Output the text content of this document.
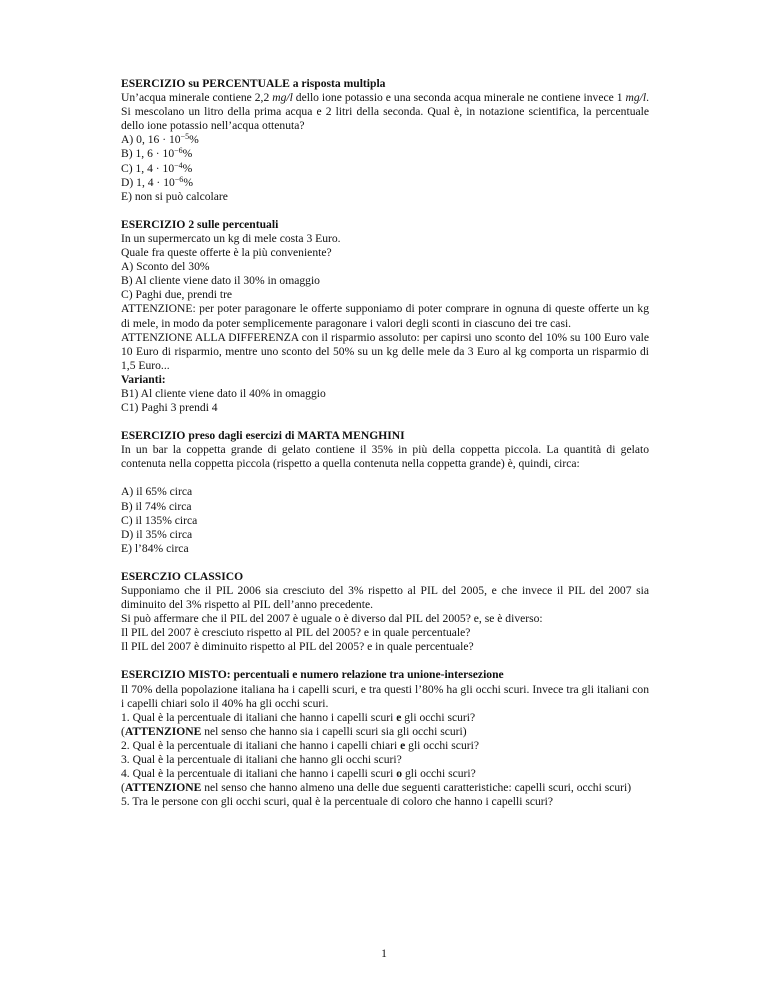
ESERCIZIO su PERCENTUALE a risposta multipla
Un’acqua minerale contiene 2,2 mg/l dello ione potassio e una seconda acqua minerale ne contiene invece 1 mg/l. Si mescolano un litro della prima acqua e 2 litri della seconda. Qual è, in notazione scientifica, la percentuale dello ione potassio nell’acqua ottenuta?
A) 0, $16 \cdot 10^{-5}\%$
B) 1, $6 \cdot 10^{-6}\%$
C) 1, $4 \cdot 10^{-4}\%$
D) 1, $4 \cdot 10^{-6}\%$
E) non si può calcolare
ESERCIZIO 2 sulle percentuali
In un supermercato un kg di mele costa 3 Euro.
Quale fra queste offerte è la più conveniente?
A) Sconto del 30%
B) Al cliente viene dato il 30% in omaggio
C) Paghi due, prendi tre
ATTENZIONE: per poter paragonare le offerte supponiamo di poter comprare in ognuna di queste offerte un kg di mele, in modo da poter semplicemente paragonare i valori degli sconti in ciascuno dei tre casi.
ATTENZIONE ALLA DIFFERENZA con il risparmio assoluto: per capirsi uno sconto del 10% su 100 Euro vale 10 Euro di risparmio, mentre uno sconto del 50% su un kg delle mele da 3 Euro al kg comporta un risparmio di 1,5 Euro...
Varianti:
B1) Al cliente viene dato il 40% in omaggio
C1) Paghi 3 prendi 4
ESERCIZIO preso dagli esercizi di MARTA MENGHINI
In un bar la coppetta grande di gelato contiene il 35% in più della coppetta piccola. La quantità di gelato contenuta nella coppetta piccola (rispetto a quella contenuta nella coppetta grande) è, quindi, circa:
A) il 65% circa
B) il 74% circa
C) il 135% circa
D) il 35% circa
E) l’84% circa
ESERCZIO CLASSICO
Supponiamo che il PIL 2006 sia cresciuto del 3% rispetto al PIL del 2005, e che invece il PIL del 2007 sia diminuito del 3% rispetto al PIL dell’anno precedente.
Si può affermare che il PIL del 2007 è uguale o è diverso dal PIL del 2005? e, se è diverso:
Il PIL del 2007 è cresciuto rispetto al PIL del 2005? e in quale percentuale?
Il PIL del 2007 è diminuito rispetto al PIL del 2005? e in quale percentuale?
ESERCIZIO MISTO: percentuali e numero relazione tra unione-intersezione
Il 70% della popolazione italiana ha i capelli scuri, e tra questi l’80% ha gli occhi scuri. Invece tra gli italiani con i capelli chiari solo il 40% ha gli occhi scuri.
1. Qual è la percentuale di italiani che hanno i capelli scuri e gli occhi scuri?
(ATTENZIONE nel senso che hanno sia i capelli scuri sia gli occhi scuri)
2. Qual è la percentuale di italiani che hanno i capelli chiari e gli occhi scuri?
3. Qual è la percentuale di italiani che hanno gli occhi scuri?
4. Qual è la percentuale di italiani che hanno i capelli scuri o gli occhi scuri?
(ATTENZIONE nel senso che hanno almeno una delle due seguenti caratteristiche: capelli scuri, occhi scuri)
5. Tra le persone con gli occhi scuri, qual è la percentuale di coloro che hanno i capelli scuri?
1
